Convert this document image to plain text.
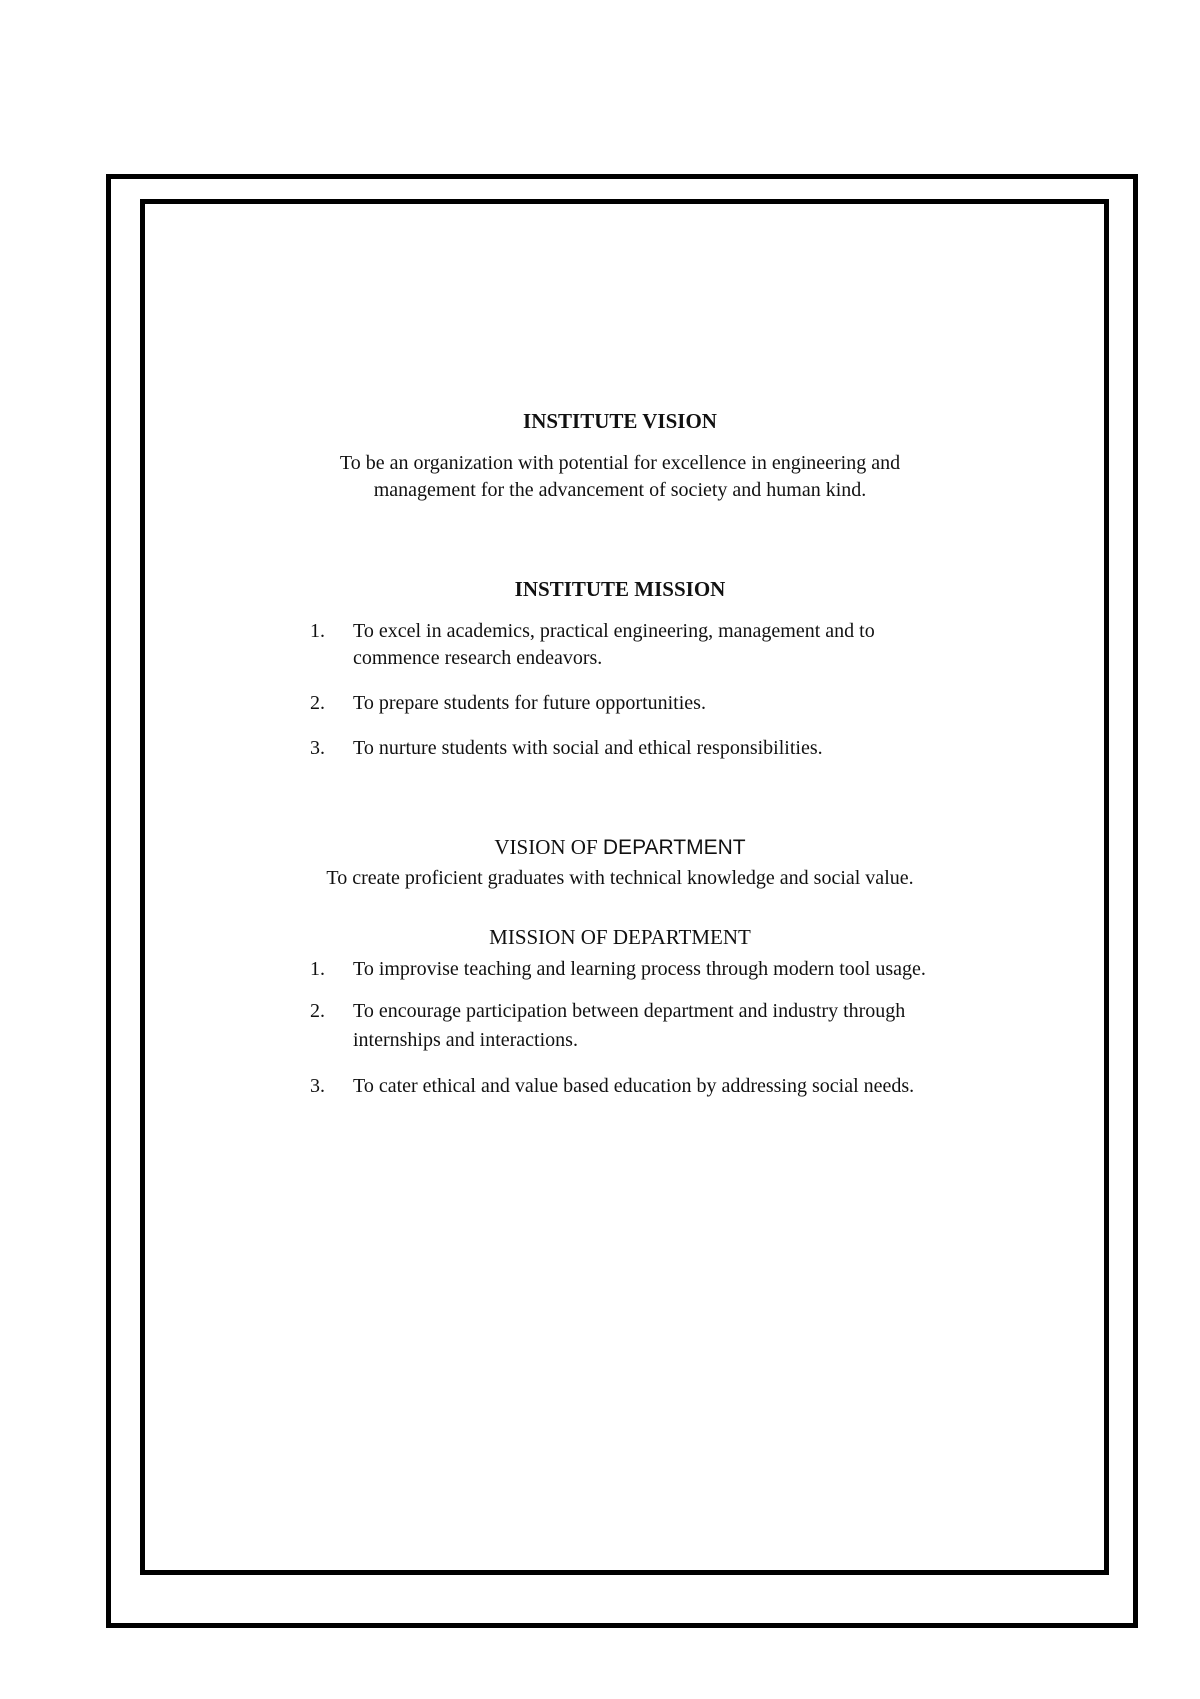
INSTITUTE VISION

To be an organization with potential for excellence in engineering and management for the advancement of society and human kind.

INSTITUTE MISSION
1. To excel in academics, practical engineering, management and to commence research endeavors.
2. To prepare students for future opportunities.
3. To nurture students with social and ethical responsibilities.
VISION OF DEPARTMENT

To create proficient graduates with technical knowledge and social value.

MISSION OF DEPARTMENT
1. To improvise teaching and learning process through modern tool usage.
2. To encourage participation between department and industry through internships and interactions.
3. To cater ethical and value based education by addressing social needs.
